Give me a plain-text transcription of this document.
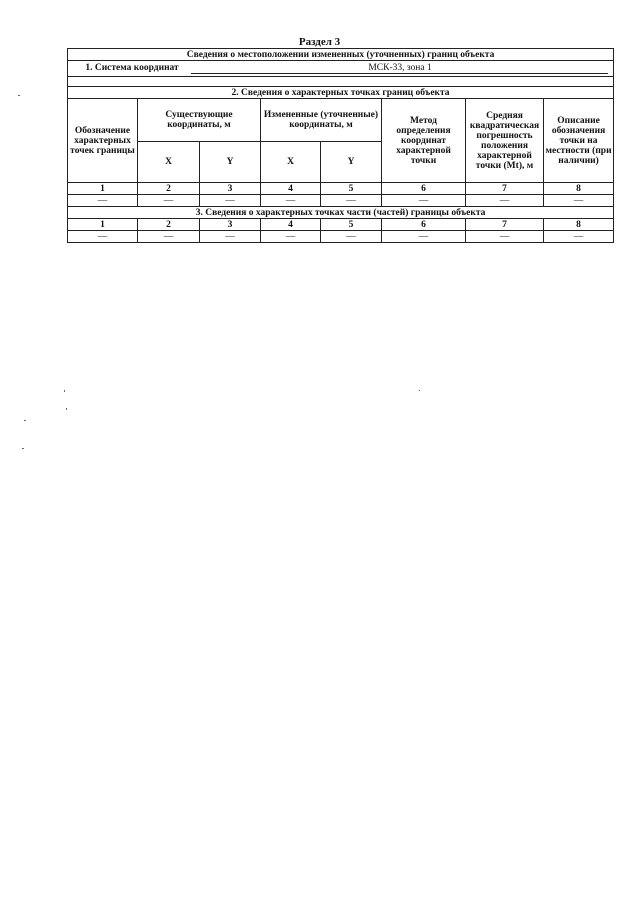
Раздел 3
Сведения о местоположении измененных (уточненных) границ объекта							
1. Система координат МСК-33, зона 1							

2. Сведения о характерных точках границ объекта							
Обозначение характерных точек границы	Существующие координаты, м		Измененные (уточненные) координаты, м		Метод определения координат характерной точки	Средняя квадратическая погрешность положения характерной точки (Mt), м	Описание обозначения точки на местности (при наличии)
	X	Y	X	Y			
1	2	3	4	5	6	7	8
—	—	—	—	—	—	—	—
3. Сведения о характерных точках части (частей) границы объекта							
1	2	3	4	5	6	7	8
—	—	—	—	—	—	—	—
